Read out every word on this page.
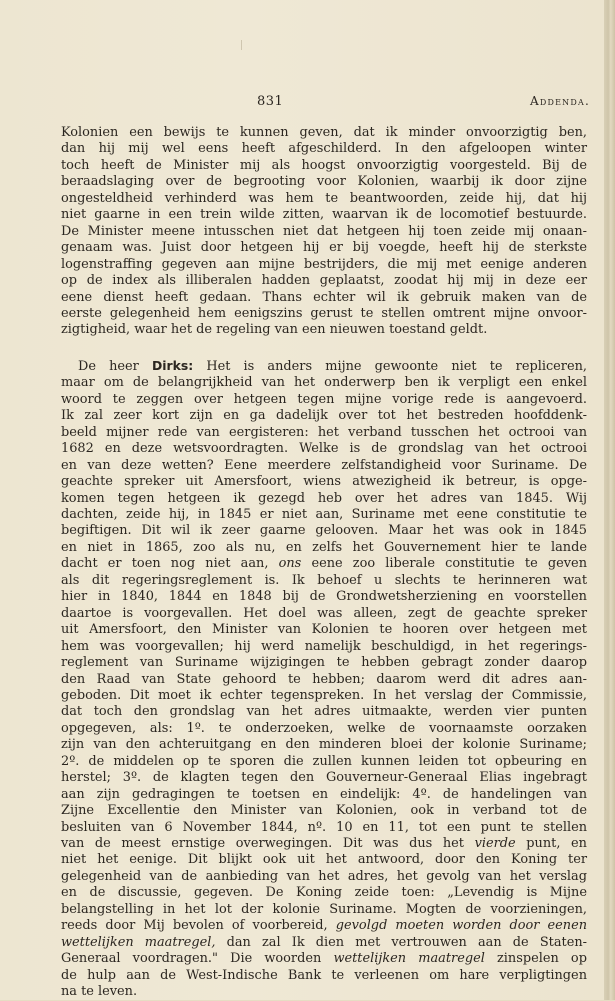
831	Addenda.

Kolonien een bewijs te kunnen geven, dat ik minder onvoorzigtig ben,

dan hij mij wel eens heeft afgeschilderd. In den afgeloopen winter

toch heeft de Minister mij als hoogst onvoorzigtig voorgesteld. Bij de

beraadslaging over de begrooting voor Kolonien, waarbij ik door zijne

ongesteldheid verhinderd was hem te beantwoorden, zeide hij, dat hij

niet gaarne in een trein wilde zitten, waarvan ik de locomotief bestuurde.

De Minister meene intusschen niet dat hetgeen hij toen zeide mij onaan-

genaam was. Juist door hetgeen hij er bij voegde, heeft hij de sterkste

logenstraffing gegeven aan mijne bestrijders, die mij met eenige anderen

op de index als illiberalen hadden geplaatst, zoodat hij mij in deze eer

eene dienst heeft gedaan. Thans echter wil ik gebruik maken van de

eerste gelegenheid hem eenigszins gerust te stellen omtrent mijne onvoor-

zigtigheid, waar het de regeling van een nieuwen toestand geldt.

De heer Dirks: Het is anders mijne gewoonte niet te repliceren,

maar om de belangrijkheid van het onderwerp ben ik verpligt een enkel

woord te zeggen over hetgeen tegen mijne vorige rede is aangevoerd.

Ik zal zeer kort zijn en ga dadelijk over tot het bestreden hoofddenk-

beeld mijner rede van eergisteren: het verband tusschen het octrooi van

1682 en deze wetsvoordragten. Welke is de grondslag van het octrooi

en van deze wetten? Eene meerdere zelfstandigheid voor Suriname. De

geachte spreker uit Amersfoort, wiens atwezigheid ik betreur, is opge-

komen tegen hetgeen ik gezegd heb over het adres van 1845. Wij

dachten, zeide hij, in 1845 er niet aan, Suriname met eene constitutie te

begiftigen. Dit wil ik zeer gaarne gelooven. Maar het was ook in 1845

en niet in 1865, zoo als nu, en zelfs het Gouvernement hier te lande

dacht er toen nog niet aan, ons eene zoo liberale constitutie te geven

als dit regeringsreglement is. Ik behoef u slechts te herinneren wat

hier in 1840, 1844 en 1848 bij de Grondwetsherziening en voorstellen

daartoe is voorgevallen. Het doel was alleen, zegt de geachte spreker

uit Amersfoort, den Minister van Kolonien te hooren over hetgeen met

hem was voorgevallen; hij werd namelijk beschuldigd, in het regerings-

reglement van Suriname wijzigingen te hebben gebragt zonder daarop

den Raad van State gehoord te hebben; daarom werd dit adres aan-

geboden. Dit moet ik echter tegenspreken. In het verslag der Commissie,

dat toch den grondslag van het adres uitmaakte, werden vier punten

opgegeven, als: 1º. te onderzoeken, welke de voornaamste oorzaken

zijn van den achteruitgang en den minderen bloei der kolonie Suriname;

2º. de middelen op te sporen die zullen kunnen leiden tot opbeuring en

herstel; 3º. de klagten tegen den Gouverneur-Generaal Elias ingebragt

aan zijn gedragingen te toetsen en eindelijk: 4º. de handelingen van

Zijne Excellentie den Minister van Kolonien, ook in verband tot de

besluiten van 6 November 1844, nº. 10 en 11, tot een punt te stellen

van de meest ernstige overwegingen. Dit was dus het vierde punt, en

niet het eenige. Dit blijkt ook uit het antwoord, door den Koning ter

gelegenheid van de aanbieding van het adres, het gevolg van het verslag

en de discussie, gegeven. De Koning zeide toen: „Levendig is Mijne

belangstelling in het lot der kolonie Suriname. Mogten de voorzieningen,

reeds door Mij bevolen of voorbereid, gevolgd moeten worden door eenen

wettelijken maatregel, dan zal Ik dien met vertrouwen aan de Staten-

Generaal voordragen." Die woorden wettelijken maatregel zinspelen op

de hulp aan de West-Indische Bank te verleenen om hare verpligtingen

na te leven.
